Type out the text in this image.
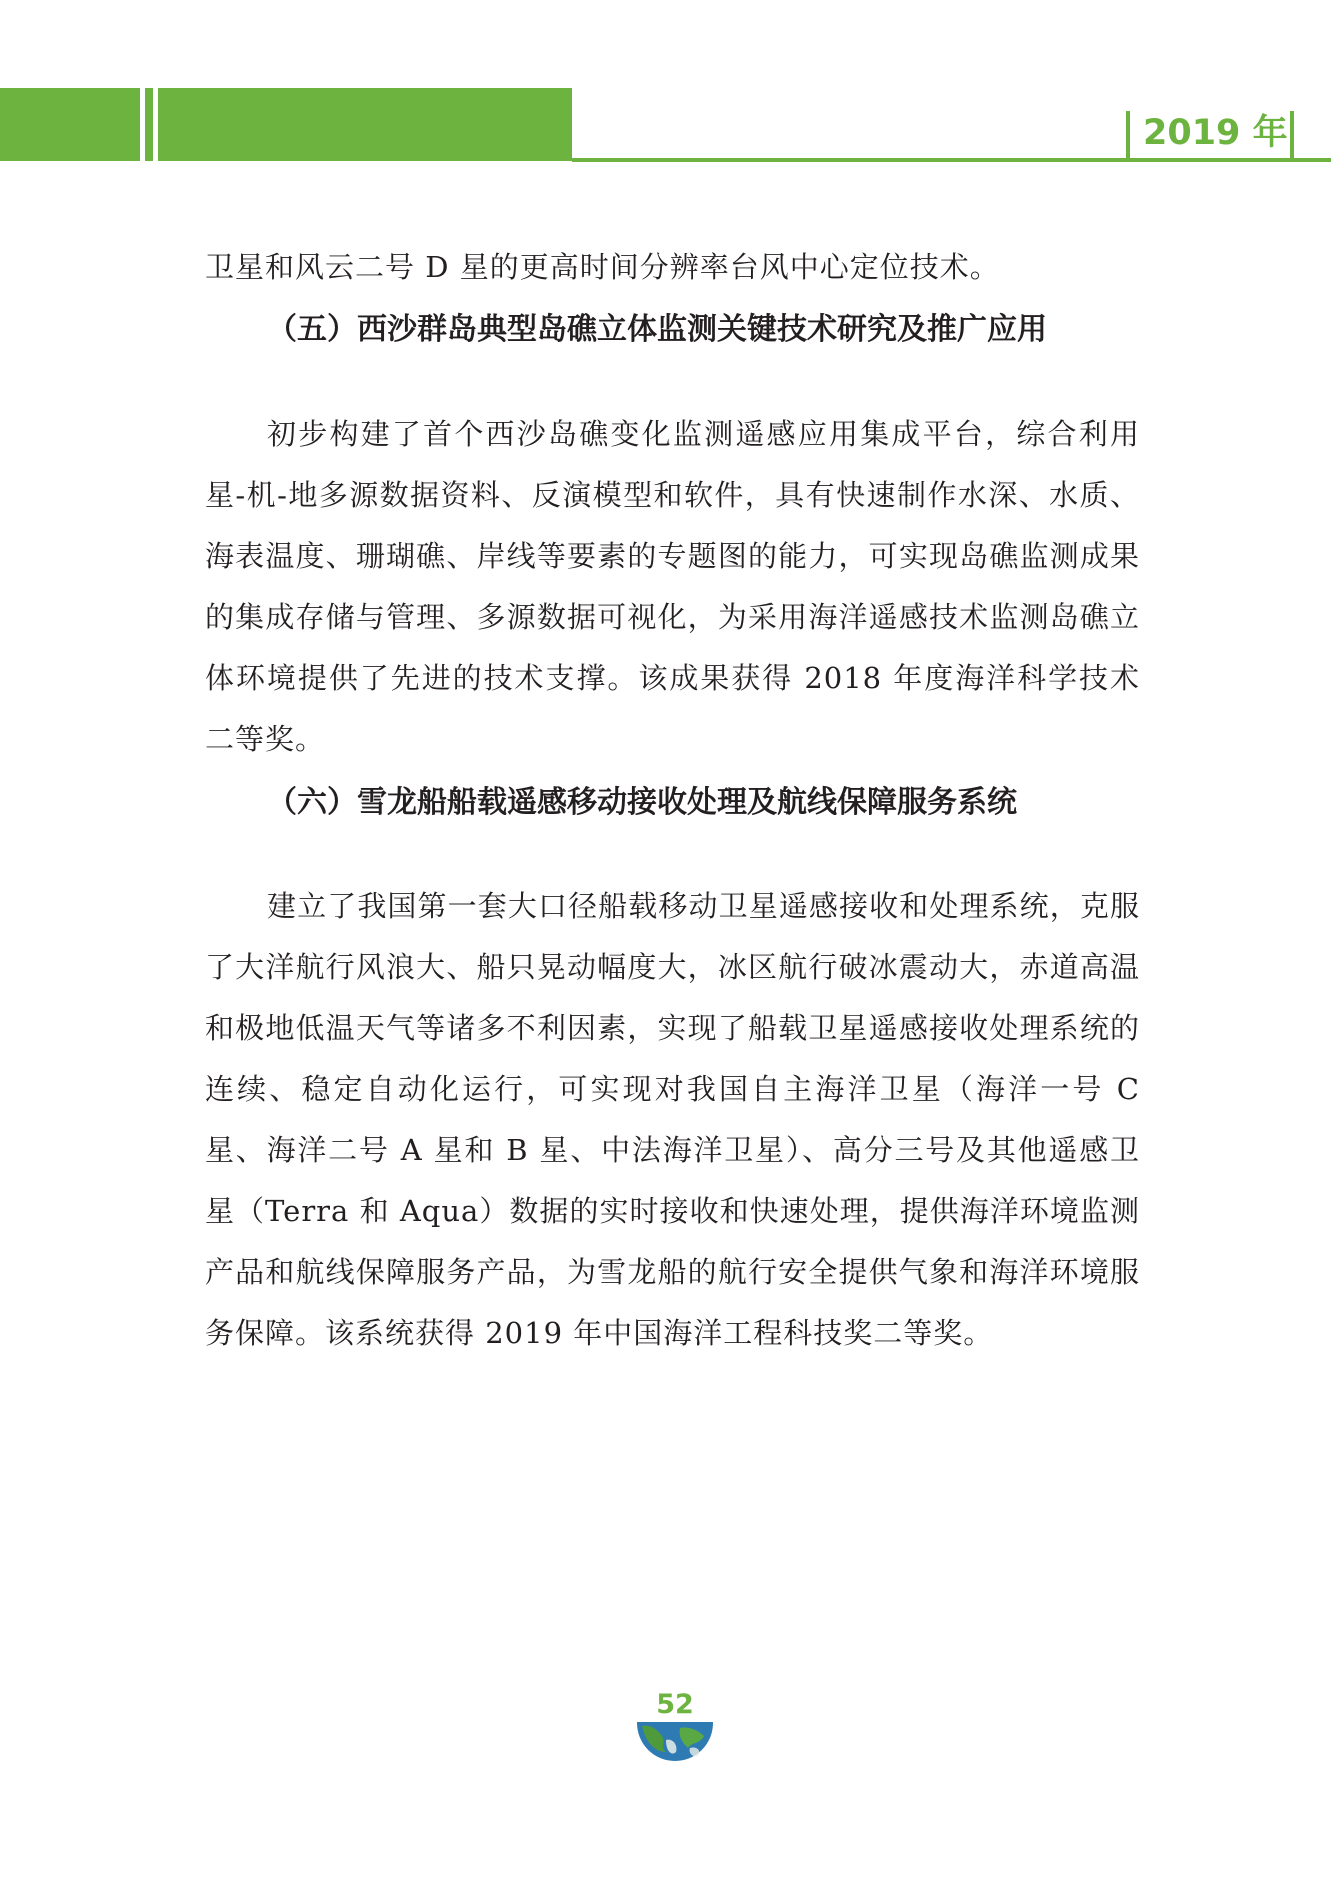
2019 年

卫星和风云二号 D 星的更高时间分辨率台风中心定位技术。

（五）西沙群岛典型岛礁立体监测关键技术研究及推广应用

初步构建了首个西沙岛礁变化监测遥感应用集成平台，综合利用星-机-地多源数据资料、反演模型和软件，具有快速制作水深、水质、海表温度、珊瑚礁、岸线等要素的专题图的能力，可实现岛礁监测成果的集成存储与管理、多源数据可视化，为采用海洋遥感技术监测岛礁立体环境提供了先进的技术支撑。该成果获得 2018 年度海洋科学技术二等奖。

（六）雪龙船船载遥感移动接收处理及航线保障服务系统

建立了我国第一套大口径船载移动卫星遥感接收和处理系统，克服了大洋航行风浪大、船只晃动幅度大，冰区航行破冰震动大，赤道高温和极地低温天气等诸多不利因素，实现了船载卫星遥感接收处理系统的连续、稳定自动化运行，可实现对我国自主海洋卫星（海洋一号 C 星、海洋二号 A 星和 B 星、中法海洋卫星）、高分三号及其他遥感卫星（Terra 和 Aqua）数据的实时接收和快速处理，提供海洋环境监测产品和航线保障服务产品，为雪龙船的航行安全提供气象和海洋环境服务保障。该系统获得 2019 年中国海洋工程科技奖二等奖。

52
